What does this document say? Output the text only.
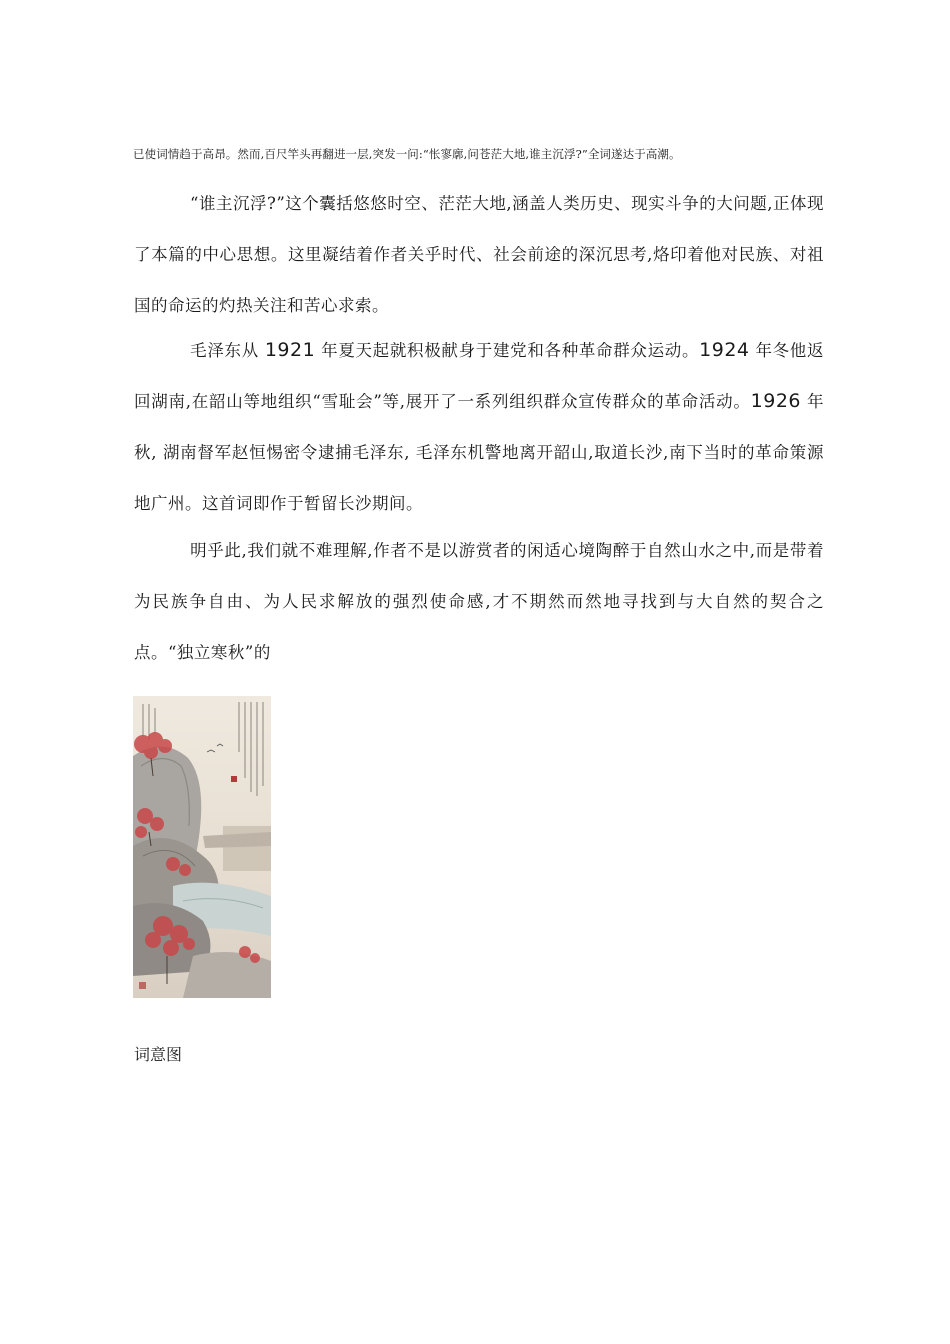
已使词情趋于高昂。然而,百尺竿头再翻进一层,突发一问:“怅寥廓,问苍茫大地,谁主沉浮?”全词遂达于高潮。
“谁主沉浮?”这个囊括悠悠时空、茫茫大地,涵盖人类历史、现实斗争的大问题,正体现了本篇的中心思想。这里凝结着作者关乎时代、社会前途的深沉思考,烙印着他对民族、对祖国的命运的灼热关注和苦心求索。
毛泽东从 1921 年夏天起就积极献身于建党和各种革命群众运动。1924 年冬他返回湖南,在韶山等地组织“雪耻会”等,展开了一系列组织群众宣传群众的革命活动。1926 年秋, 湖南督军赵恒惕密令逮捕毛泽东, 毛泽东机警地离开韶山,取道长沙,南下当时的革命策源地广州。这首词即作于暂留长沙期间。
明乎此,我们就不难理解,作者不是以游赏者的闲适心境陶醉于自然山水之中,而是带着为民族争自由、为人民求解放的强烈使命感,才不期然而然地寻找到与大自然的契合之点。“独立寒秋”的
词意图
